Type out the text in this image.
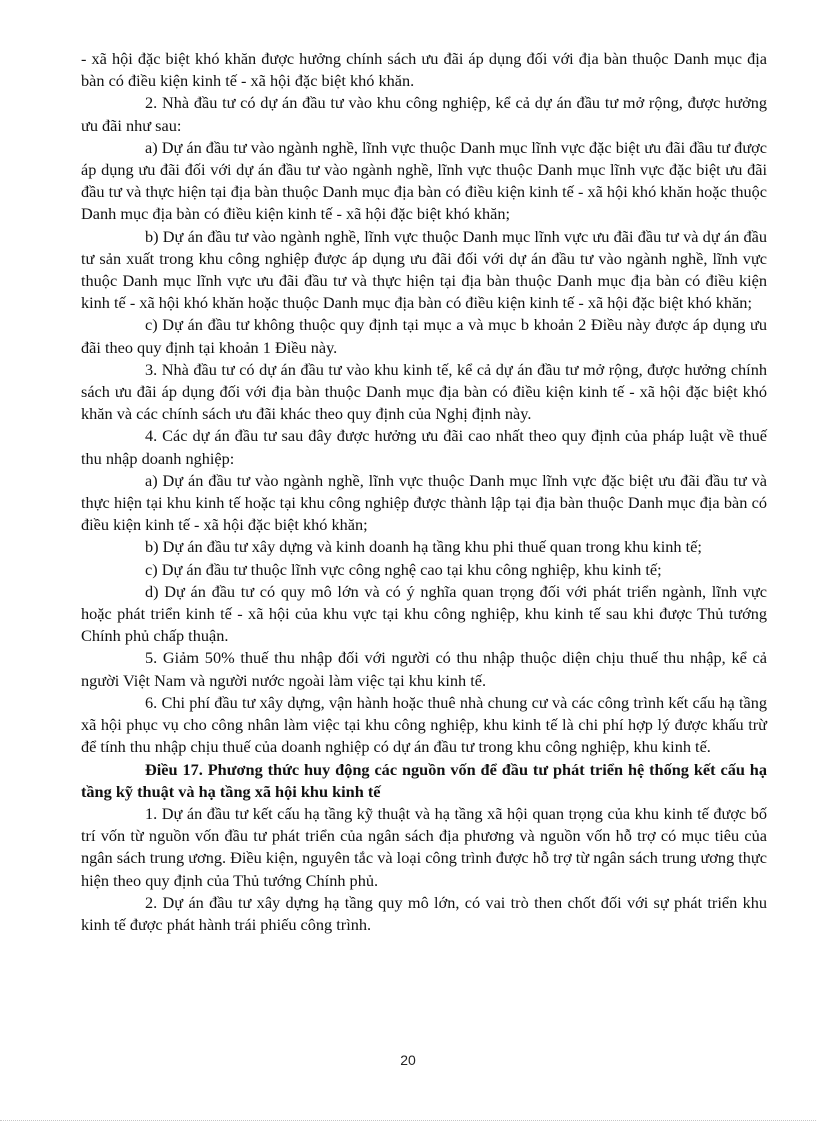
- xã hội đặc biệt khó khăn được hưởng chính sách ưu đãi áp dụng đối với địa bàn thuộc Danh mục địa bàn có điều kiện kinh tế - xã hội đặc biệt khó khăn.

2. Nhà đầu tư có dự án đầu tư vào khu công nghiệp, kể cả dự án đầu tư mở rộng, được hưởng ưu đãi như sau:

a) Dự án đầu tư vào ngành nghề, lĩnh vực thuộc Danh mục lĩnh vực đặc biệt ưu đãi đầu tư được áp dụng ưu đãi đối với dự án đầu tư vào ngành nghề, lĩnh vực thuộc Danh mục lĩnh vực đặc biệt ưu đãi đầu tư và thực hiện tại địa bàn thuộc Danh mục địa bàn có điều kiện kinh tế - xã hội khó khăn hoặc thuộc Danh mục địa bàn có điều kiện kinh tế - xã hội đặc biệt khó khăn;

b) Dự án đầu tư vào ngành nghề, lĩnh vực thuộc Danh mục lĩnh vực ưu đãi đầu tư và dự án đầu tư sản xuất trong khu công nghiệp được áp dụng ưu đãi đối với dự án đầu tư vào ngành nghề, lĩnh vực thuộc Danh mục lĩnh vực ưu đãi đầu tư và thực hiện tại địa bàn thuộc Danh mục địa bàn có điều kiện kinh tế - xã hội khó khăn hoặc thuộc Danh mục địa bàn có điều kiện kinh tế - xã hội đặc biệt khó khăn;

c) Dự án đầu tư không thuộc quy định tại mục a và mục b khoản 2 Điều này được áp dụng ưu đãi theo quy định tại khoản 1 Điều này.

3. Nhà đầu tư có dự án đầu tư vào khu kinh tế, kể cả dự án đầu tư mở rộng, được hưởng chính sách ưu đãi áp dụng đối với địa bàn thuộc Danh mục địa bàn có điều kiện kinh tế - xã hội đặc biệt khó khăn và các chính sách ưu đãi khác theo quy định của Nghị định này.

4. Các dự án đầu tư sau đây được hưởng ưu đãi cao nhất theo quy định của pháp luật về thuế thu nhập doanh nghiệp:

a) Dự án đầu tư vào ngành nghề, lĩnh vực thuộc Danh mục lĩnh vực đặc biệt ưu đãi đầu tư và thực hiện tại khu kinh tế hoặc tại khu công nghiệp được thành lập tại địa bàn thuộc Danh mục địa bàn có điều kiện kinh tế - xã hội đặc biệt khó khăn;

b) Dự án đầu tư xây dựng và kinh doanh hạ tầng khu phi thuế quan trong khu kinh tế;

c) Dự án đầu tư thuộc lĩnh vực công nghệ cao tại khu công nghiệp, khu kinh tế;

d) Dự án đầu tư có quy mô lớn và có ý nghĩa quan trọng đối với phát triển ngành, lĩnh vực hoặc phát triển kinh tế - xã hội của khu vực tại khu công nghiệp, khu kinh tế sau khi được Thủ tướng Chính phủ chấp thuận.

5. Giảm 50% thuế thu nhập đối với người có thu nhập thuộc diện chịu thuế thu nhập, kể cả người Việt Nam và người nước ngoài làm việc tại khu kinh tế.

6. Chi phí đầu tư xây dựng, vận hành hoặc thuê nhà chung cư và các công trình kết cấu hạ tầng xã hội phục vụ cho công nhân làm việc tại khu công nghiệp, khu kinh tế là chi phí hợp lý được khấu trừ để tính thu nhập chịu thuế của doanh nghiệp có dự án đầu tư trong khu công nghiệp, khu kinh tế.

Điều 17. Phương thức huy động các nguồn vốn để đầu tư phát triển hệ thống kết cấu hạ tầng kỹ thuật và hạ tầng xã hội khu kinh tế

1. Dự án đầu tư kết cấu hạ tầng kỹ thuật và hạ tầng xã hội quan trọng của khu kinh tế được bố trí vốn từ nguồn vốn đầu tư phát triển của ngân sách địa phương và nguồn vốn hỗ trợ có mục tiêu của ngân sách trung ương. Điều kiện, nguyên tắc và loại công trình được hỗ trợ từ ngân sách trung ương thực hiện theo quy định của Thủ tướng Chính phủ.

2. Dự án đầu tư xây dựng hạ tầng quy mô lớn, có vai trò then chốt đối với sự phát triển khu kinh tế được phát hành trái phiếu công trình.

20
